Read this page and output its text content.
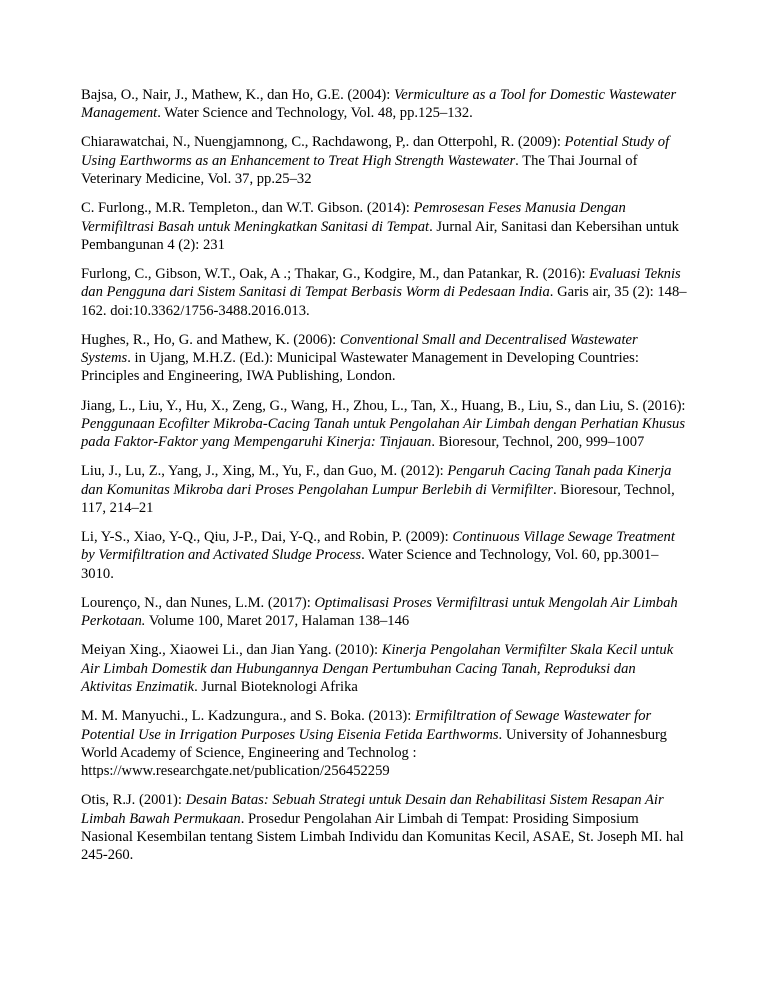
Bajsa, O., Nair, J., Mathew, K., dan Ho, G.E. (2004): Vermiculture as a Tool for Domestic Wastewater Management. Water Science and Technology, Vol. 48, pp.125–132.

Chiarawatchai, N., Nuengjamnong, C., Rachdawong, P,. dan Otterpohl, R. (2009): Potential Study of Using Earthworms as an Enhancement to Treat High Strength Wastewater. The Thai Journal of Veterinary Medicine, Vol. 37, pp.25–32

C. Furlong., M.R. Templeton., dan W.T. Gibson. (2014): Pemrosesan Feses Manusia Dengan Vermifiltrasi Basah untuk Meningkatkan Sanitasi di Tempat. Jurnal Air, Sanitasi dan Kebersihan untuk Pembangunan 4 (2): 231

Furlong, C., Gibson, W.T., Oak, A .; Thakar, G., Kodgire, M., dan Patankar, R. (2016): Evaluasi Teknis dan Pengguna dari Sistem Sanitasi di Tempat Berbasis Worm di Pedesaan India. Garis air, 35 (2): 148–162. doi:10.3362/1756-3488.2016.013.

Hughes, R., Ho, G. and Mathew, K. (2006): Conventional Small and Decentralised Wastewater Systems. in Ujang, M.H.Z. (Ed.): Municipal Wastewater Management in Developing Countries: Principles and Engineering, IWA Publishing, London.

Jiang, L., Liu, Y., Hu, X., Zeng, G., Wang, H., Zhou, L., Tan, X., Huang, B., Liu, S., dan Liu, S. (2016): Penggunaan Ecofilter Mikroba-Cacing Tanah untuk Pengolahan Air Limbah dengan Perhatian Khusus pada Faktor-Faktor yang Mempengaruhi Kinerja: Tinjauan. Bioresour, Technol, 200, 999–1007

Liu, J., Lu, Z., Yang, J., Xing, M., Yu, F., dan Guo, M. (2012): Pengaruh Cacing Tanah pada Kinerja dan Komunitas Mikroba dari Proses Pengolahan Lumpur Berlebih di Vermifilter. Bioresour, Technol, 117, 214–21

Li, Y-S., Xiao, Y-Q., Qiu, J-P., Dai, Y-Q., and Robin, P. (2009): Continuous Village Sewage Treatment by Vermifiltration and Activated Sludge Process. Water Science and Technology, Vol. 60, pp.3001–3010.

Lourenço, N., dan Nunes, L.M. (2017): Optimalisasi Proses Vermifiltrasi untuk Mengolah Air Limbah Perkotaan. Volume 100, Maret 2017, Halaman 138–146

Meiyan Xing., Xiaowei Li., dan Jian Yang. (2010): Kinerja Pengolahan Vermifilter Skala Kecil untuk Air Limbah Domestik dan Hubungannya Dengan Pertumbuhan Cacing Tanah, Reproduksi dan Aktivitas Enzimatik. Jurnal Bioteknologi Afrika

M. M. Manyuchi., L. Kadzungura., and S. Boka. (2013): Ermifiltration of Sewage Wastewater for Potential Use in Irrigation Purposes Using Eisenia Fetida Earthworms. University of Johannesburg World Academy of Science, Engineering and Technolog : https://www.researchgate.net/publication/256452259

Otis, R.J. (2001): Desain Batas: Sebuah Strategi untuk Desain dan Rehabilitasi Sistem Resapan Air Limbah Bawah Permukaan. Prosedur Pengolahan Air Limbah di Tempat: Prosiding Simposium Nasional Kesembilan tentang Sistem Limbah Individu dan Komunitas Kecil, ASAE, St. Joseph MI. hal 245-260.
